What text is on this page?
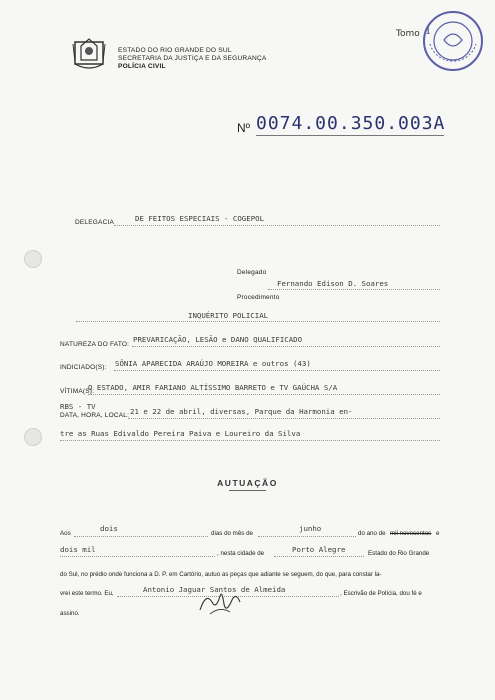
ESTADO DO RIO GRANDE DO SUL
SECRETARIA DA JUSTIÇA E DA SEGURANÇA
POLÍCIA CIVIL
Tomo 1
Nº 0074.00.350.003A
DELEGACIA	DE FEITOS ESPECIAIS - COGEPOL
Delegado
Fernando Edison D. Soares
Procedimento
INQUÉRITO POLICIAL
NATUREZA DO FATO:
PREVARICAÇÃO, LESÃO e DANO QUALIFICADO
INDICIADO(S): SÔNIA APARECIDA ARAÚJO MOREIRA e outros (43)
VÍTIMA(S):
O ESTADO, AMIR FARIANO ALTÍSSIMO BARRETO e TV GAÚCHA S/A
DATA, HORA, LOCAL:
RBS - TV
21 e 22 de abril, diversas, Parque da Harmonia en-
tre as Ruas Edivaldo Pereira Paiva e Loureiro da Silva
AUTUAÇÃO
Aos
dois
dias do mês de
junho
do ano de mil novecentos e
dois mil	, nesta cidade de	Porto Alegre	Estado do Rio Grande
do Sul, no prédio onde funciona a D. P. em Cartório, autuo as peças que adiante se seguem, do que, para constar la-
vrei este termo. Eu,	Antonio Jaguar Santos de Almeida	, Escrivão de Polícia, dou fé e
assino.
